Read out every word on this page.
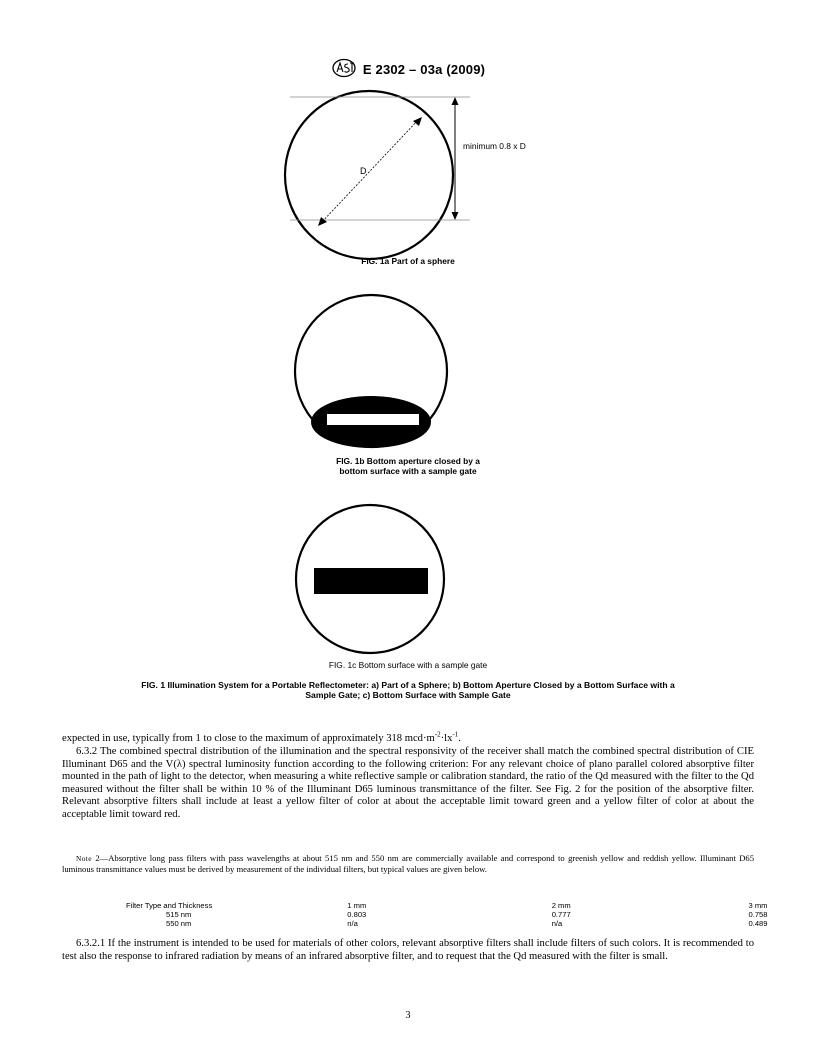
E 2302 – 03a (2009)
D
minimum 0.8 x D
FIG. 1a Part of a sphere
FIG. 1b Bottom aperture closed by a
bottom surface with a sample gate
FIG. 1c Bottom surface with a sample gate
FIG. 1 Illumination System for a Portable Reflectometer: a) Part of a Sphere; b) Bottom Aperture Closed by a Bottom Surface with a
Sample Gate; c) Bottom Surface with Sample Gate
expected in use, typically from 1 to close to the maximum of approximately 318 $mcd\cdot m^{-2}\cdot lx^{-1}$.
6.3.2 The combined spectral distribution of the illumination and the spectral responsivity of the receiver shall match the combined spectral distribution of CIE Illuminant D65 and the V(λ) spectral luminosity function according to the following criterion: For any relevant choice of plano parallel colored absorptive filter mounted in the path of light to the detector, when measuring a white reflective sample or calibration standard, the ratio of the Qd measured with the filter to the Qd measured without the filter shall be within 10 % of the Illuminant D65 luminous transmittance of the filter. See Fig. 2 for the position of the absorptive filter. Relevant absorptive filters shall include at least a yellow filter of color at about the acceptable limit toward green and a yellow filter of color at about the acceptable limit toward red.
Note 2—Absorptive long pass filters with pass wavelengths at about 515 nm and 550 nm are commercially available and correspond to greenish yellow and reddish yellow. Illuminant D65 luminous transmittance values must be derived by measurement of the individual filters, but typical values are given below.
Filter Type and Thickness	1 mm	2 mm	3 mm
515 nm	0.803	0.777	0.758
550 nm	n/a	n/a	0.489
6.3.2.1 If the instrument is intended to be used for materials of other colors, relevant absorptive filters shall include filters of such colors. It is recommended to test also the response to infrared radiation by means of an infrared absorptive filter, and to request that the Qd measured with the filter is small.
3
